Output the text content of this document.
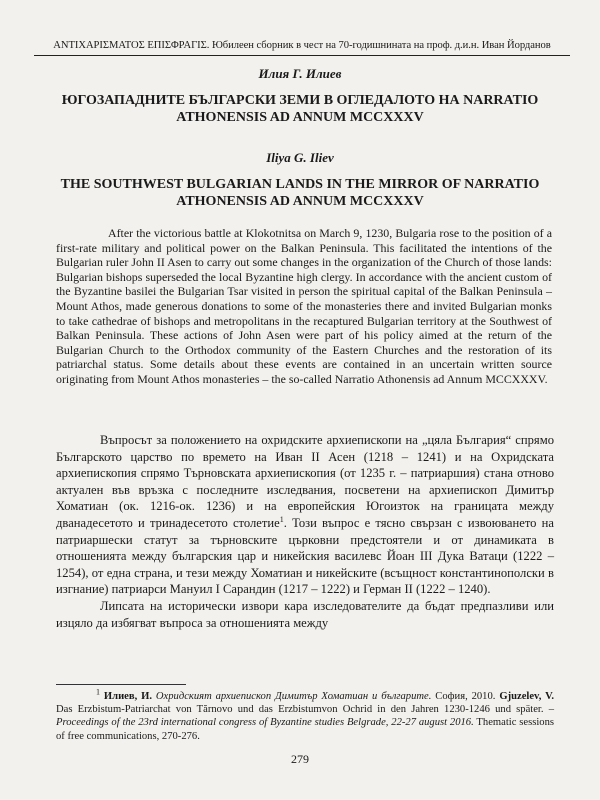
ANTIXAPIΣMATOΣ EΠIΣΦPAΓIΣ. Юбилеен сборник в чест на 70-годишнината на проф. д.и.н. Иван Йорданов
Илия Г. Илиев
ЮГОЗАПАДНИТЕ БЪЛГАРСКИ ЗЕМИ В ОГЛЕДАЛОТО НА NARRATIO ATHONENSIS AD ANNUM MCCXXXV
Iliya G. Iliev
THE SOUTHWEST BULGARIAN LANDS IN THE MIRROR OF NARRATIO ATHONENSIS AD ANNUM MCCXXXV
After the victorious battle at Klokotnitsa on March 9, 1230, Bulgaria rose to the position of a first-rate military and political power on the Balkan Peninsula. This facilitated the intentions of the Bulgarian ruler John II Asen to carry out some changes in the organization of the Church of those lands: Bulgarian bishops superseded the local Byzantine high clergy. In accordance with the ancient custom of the Byzantine basilei the Bulgarian Tsar visited in person the spiritual capital of the Balkan Peninsula – Mount Athos, made generous donations to some of the monasteries there and invited Bulgarian monks to take cathedrae of bishops and metropolitans in the recaptured Bulgarian territory at the Southwest of Balkan Peninsula. These actions of John Asen were part of his policy aimed at the return of the Bulgarian Church to the Orthodox community of the Eastern Churches and the restoration of its patriarchal status. Some details about these events are contained in an uncertain written source originating from Mount Athos monasteries – the so-called Narratio Athonensis ad Annum MCCXXXV.

Въпросът за положението на охридските архиепископи на „цяла България“ спрямо Българското царство по времето на Иван II Асен (1218 – 1241) и на Охридската архиепископия спрямо Търновската архиепископия (от 1235 г. – патриаршия) стана отново актуален във връзка с последните изследвания, посветени на архиепископ Димитър Хоматиан (ок. 1216-ок. 1236) и на европейския Югоизток на границата между дванадесетото и тринадесетото столетие$^1$. Този въпрос е тясно свързан с извоюването на патриаршески статут за търновските църковни предстоятели и от динамиката в отношенията между българския цар и никейския василевс Йоан III Дука Ватаци (1222 – 1254), от една страна, и тези между Хоматиан и никейските (всъщност константинополски в изгнание) патриарси Мануил I Сарандин (1217 – 1222) и Герман II (1222 – 1240).

Липсата на исторически извори кара изследователите да бъдат предпазливи или изцяло да избягват въпроса за отношенията между

$^1$ Илиев, И. Охридският архиепископ Димитър Хоматиан и българите. София, 2010. Gjuzelev, V. Das Erzbistum-Patriarchat von Tărnovo und das Erzbistumvon Ochrid in den Jahren 1230-1246 und später. – Proceedings of the 23rd international congress of Byzantine studies Belgrade, 22-27 august 2016. Thematic sessions of free communications, 270-276.
279
